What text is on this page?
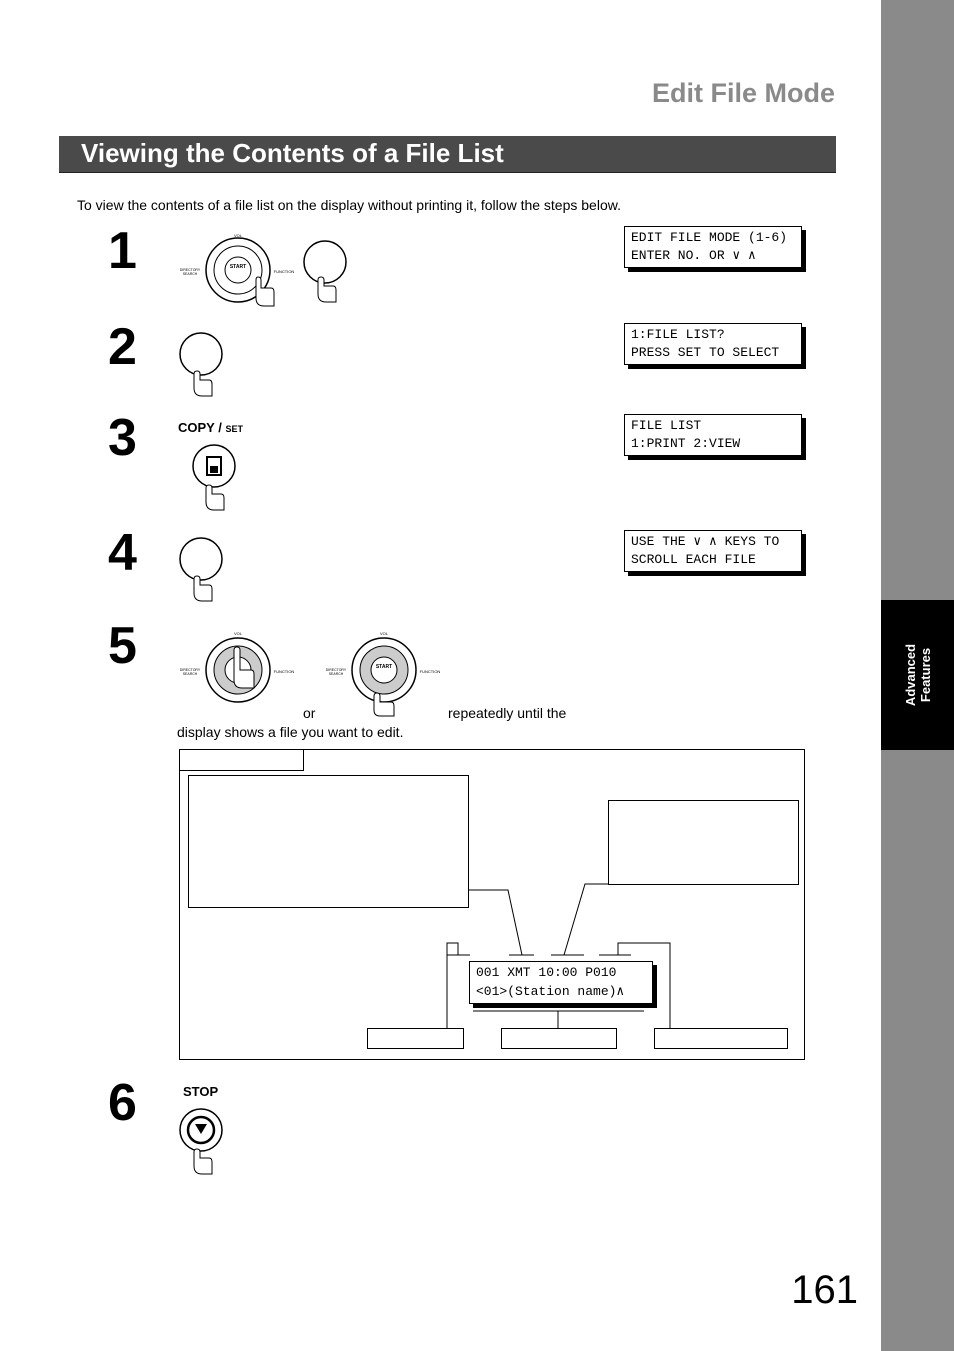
Advanced Features
Edit File Mode
Viewing the Contents of a File List
To view the contents of a file list on the display without printing it, follow the steps below.
1	START
VOL
DIRECTORY
SEARCH	FUNCTION
EDIT FILE MODE (1-6)
ENTER NO. OR ∨ ∧
2	1:FILE LIST?
PRESS SET TO SELECT
3	COPY / SET	FILE LIST
1:PRINT 2:VIEW
4	USE THE ∨ ∧ KEYS TO
SCROLL EACH FILE
5	VOL
DIRECTORY
SEARCH	FUNCTION
START
VOL
DIRECTORY
SEARCH	FUNCTION
or	repeatedly until the
display shows a file you want to edit.
001 XMT 10:00 P010
<01>(Station name)∧
6	STOP
161
